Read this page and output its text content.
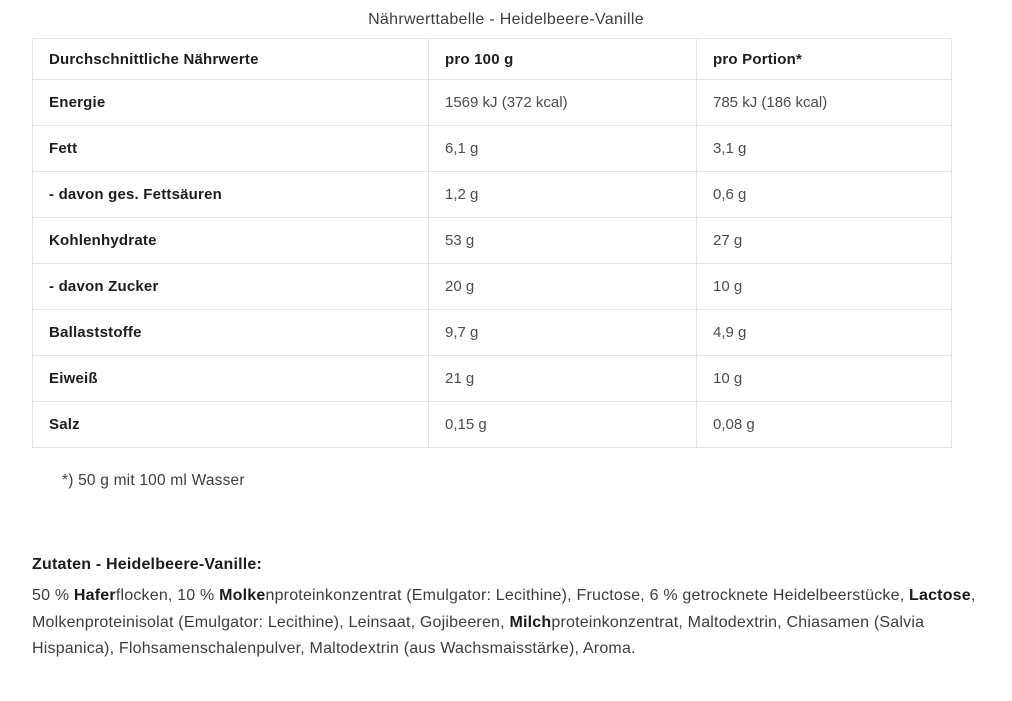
Nährwerttabelle - Heidelbeere-Vanille
Durchschnittliche Nährwerte	pro 100 g	pro Portion*
Energie	1569 kJ (372 kcal)	785 kJ (186 kcal)
Fett	6,1 g	3,1 g
- davon ges. Fettsäuren	1,2 g	0,6 g
Kohlenhydrate	53 g	27 g
- davon Zucker	20 g	10 g
Ballaststoffe	9,7 g	4,9 g
Eiweiß	21 g	10 g
Salz	0,15 g	0,08 g
*) 50 g mit 100 ml Wasser
Zutaten - Heidelbeere-Vanille:
50 % Haferflocken, 10 % Molkenproteinkonzentrat (Emulgator: Lecithine), Fructose, 6 % getrocknete Heidelbeerstücke, Lactose, Molkenproteinisolat (Emulgator: Lecithine), Leinsaat, Gojibeeren, Milchproteinkonzentrat, Maltodextrin, Chiasamen (Salvia Hispanica), Flohsamenschalenpulver, Maltodextrin (aus Wachsmaisstärke), Aroma.
